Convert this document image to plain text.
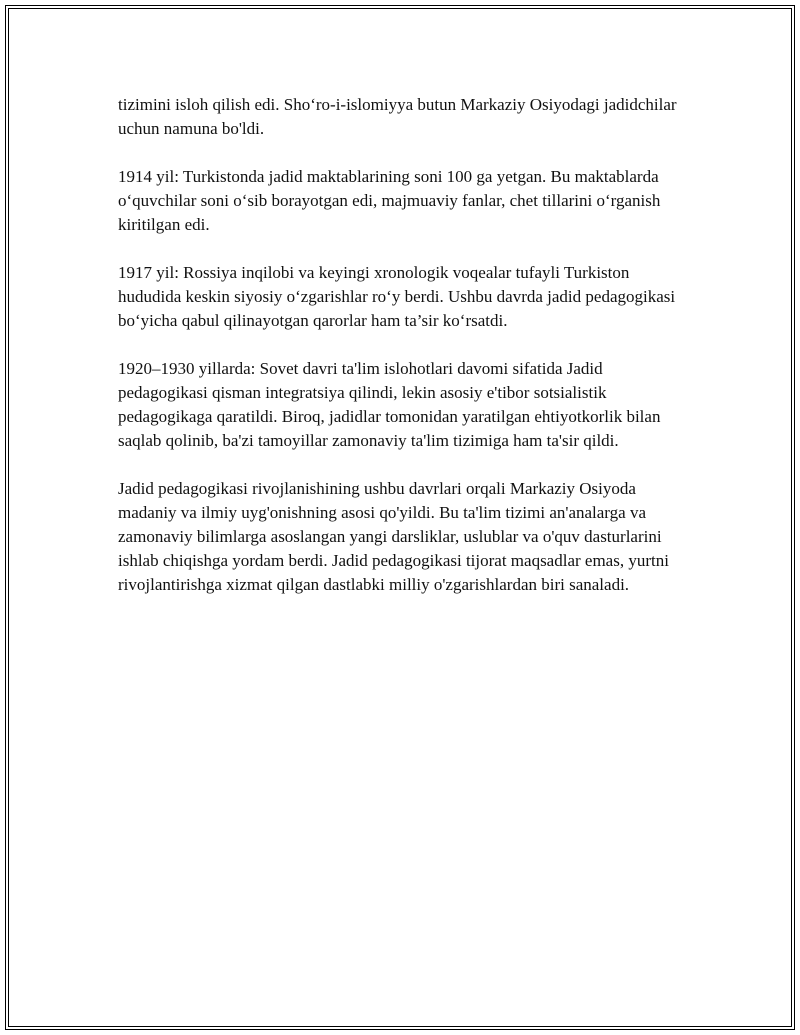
tizimini isloh qilish edi. Sho‘ro-i-islomiyya butun Markaziy Osiyodagi jadidchilar uchun namuna bo'ldi.

1914 yil: Turkistonda jadid maktablarining soni 100 ga yetgan. Bu maktablarda o‘quvchilar soni o‘sib borayotgan edi, majmuaviy fanlar, chet tillarini o‘rganish kiritilgan edi.

1917 yil: Rossiya inqilobi va keyingi xronologik voqealar tufayli Turkiston hududida keskin siyosiy o‘zgarishlar ro‘y berdi. Ushbu davrda jadid pedagogikasi bo‘yicha qabul qilinayotgan qarorlar ham ta’sir ko‘rsatdi.

1920–1930 yillarda: Sovet davri ta'lim islohotlari davomi sifatida Jadid pedagogikasi qisman integratsiya qilindi, lekin asosiy e'tibor sotsialistik pedagogikaga qaratildi. Biroq, jadidlar tomonidan yaratilgan ehtiyotkorlik bilan saqlab qolinib, ba'zi tamoyillar zamonaviy ta'lim tizimiga ham ta'sir qildi.

Jadid pedagogikasi rivojlanishining ushbu davrlari orqali Markaziy Osiyoda madaniy va ilmiy uyg'onishning asosi qo'yildi. Bu ta'lim tizimi an'analarga va zamonaviy bilimlarga asoslangan yangi darsliklar, uslublar va o'quv dasturlarini ishlab chiqishga yordam berdi. Jadid pedagogikasi tijorat maqsadlar emas, yurtni rivojlantirishga xizmat qilgan dastlabki milliy o'zgarishlardan biri sanaladi.
